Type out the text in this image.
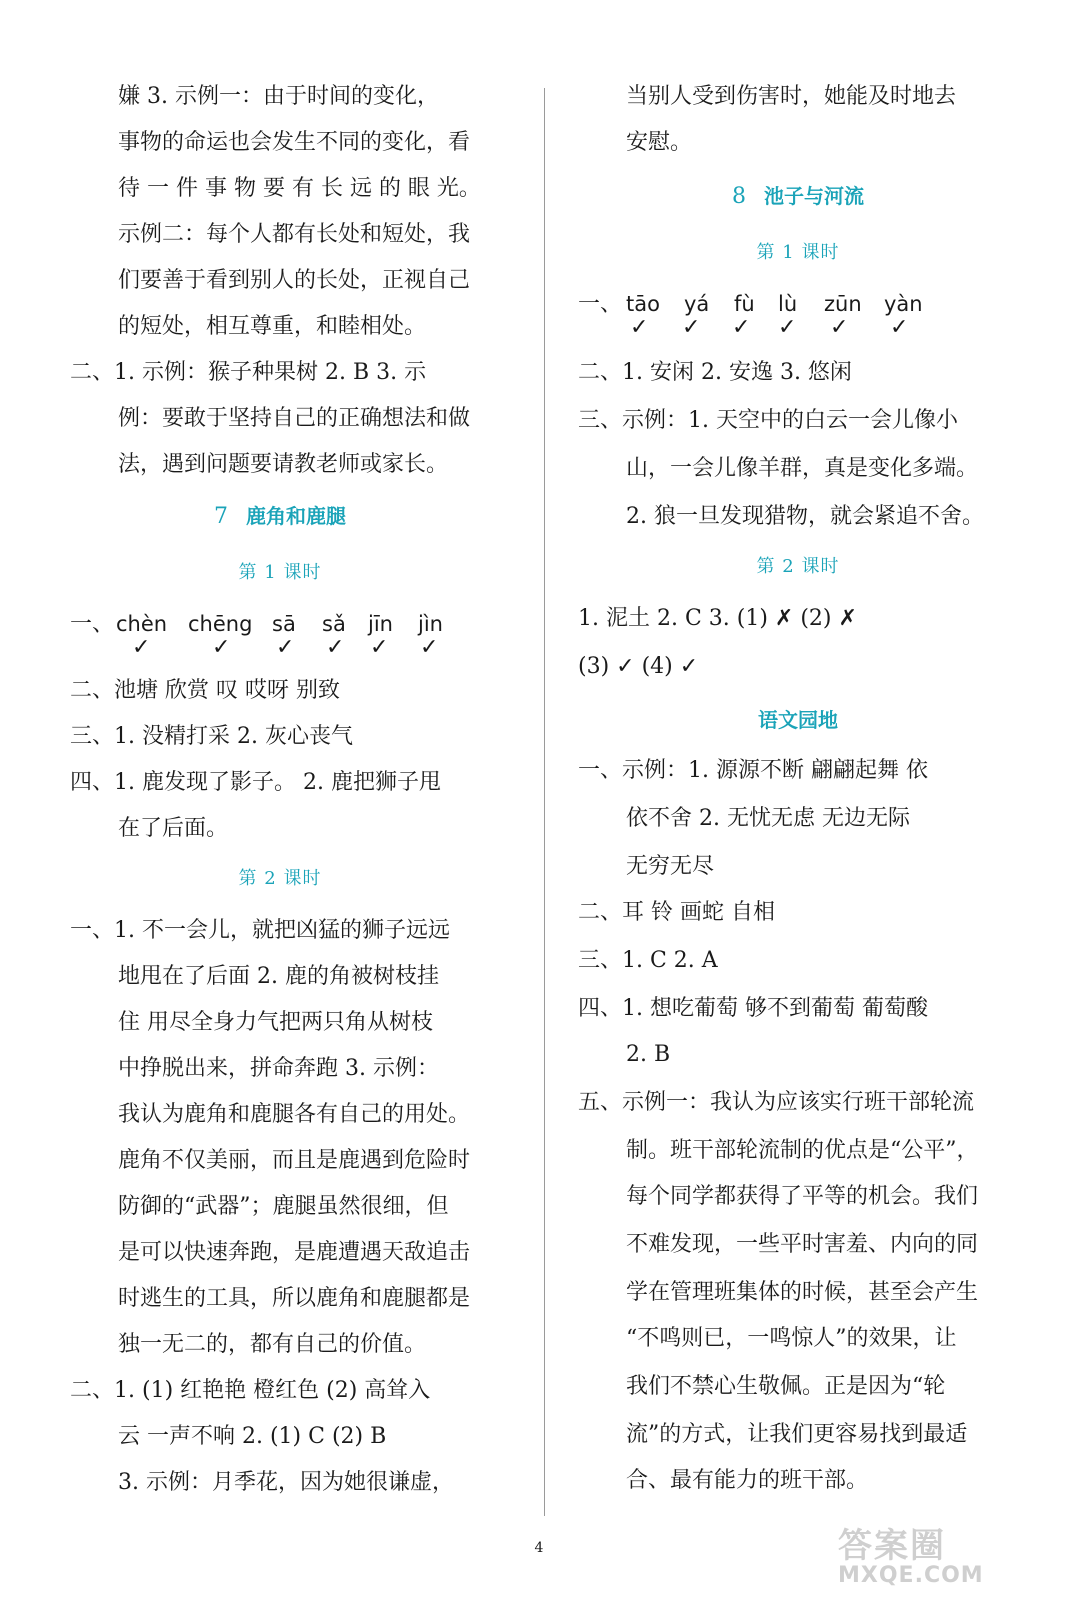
嫌 3. 示例一：由于时间的变化，
事物的命运也会发生不同的变化，看
待 一 件 事 物 要 有 长 远 的 眼 光。
示例二：每个人都有长处和短处，我
们要善于看到别人的长处，正视自己
的短处，相互尊重，和睦相处。
二、1. 示例：猴子种果树 2. B 3. 示
例：要敢于坚持自己的正确想法和做
法，遇到问题要请教老师或家长。
7 鹿角和鹿腿
第 1 课时
一、 chèn chēng sā sǎ jīn jìn
✓	✓ ✓ ✓ ✓ ✓
二、池塘 欣赏 叹 哎呀 别致
三、1. 没精打采 2. 灰心丧气
四、1. 鹿发现了影子。 2. 鹿把狮子甩
在了后面。
第 2 课时
一、1. 不一会儿，就把凶猛的狮子远远
地甩在了后面 2. 鹿的角被树枝挂
住 用尽全身力气把两只角从树枝
中挣脱出来，拼命奔跑 3. 示例：
我认为鹿角和鹿腿各有自己的用处。
鹿角不仅美丽，而且是鹿遇到危险时
防御的“武器”；鹿腿虽然很细，但
是可以快速奔跑，是鹿遭遇天敌追击
时逃生的工具，所以鹿角和鹿腿都是
独一无二的，都有自己的价值。
二、1. (1) 红艳艳 橙红色 (2) 高耸入
云 一声不响 2. (1) C (2) B
3. 示例：月季花，因为她很谦虚，
当别人受到伤害时，她能及时地去
安慰。
8 池子与河流
第 1 课时
一、 tāo yá fù lù zūn yàn
✓ ✓ ✓ ✓ ✓ ✓
二、1. 安闲 2. 安逸 3. 悠闲
三、示例：1. 天空中的白云一会儿像小
山，一会儿像羊群，真是变化多端。
2. 狼一旦发现猎物，就会紧追不舍。
第 2 课时
1. 泥土 2. C 3. (1) ✗ (2) ✗
(3) ✓ (4) ✓
语文园地
一、示例：1. 源源不断 翩翩起舞 依
依不舍 2. 无忧无虑 无边无际
无穷无尽
二、耳 铃 画蛇 自相
三、1. C 2. A
四、1. 想吃葡萄 够不到葡萄 葡萄酸
2. B
五、示例一：我认为应该实行班干部轮流
制。班干部轮流制的优点是“公平”，
每个同学都获得了平等的机会。我们
不难发现，一些平时害羞、内向的同
学在管理班集体的时候，甚至会产生
“不鸣则已，一鸣惊人”的效果，让
我们不禁心生敬佩。正是因为“轮
流”的方式，让我们更容易找到最适
合、最有能力的班干部。
4	答案圈
MXQE.COM
